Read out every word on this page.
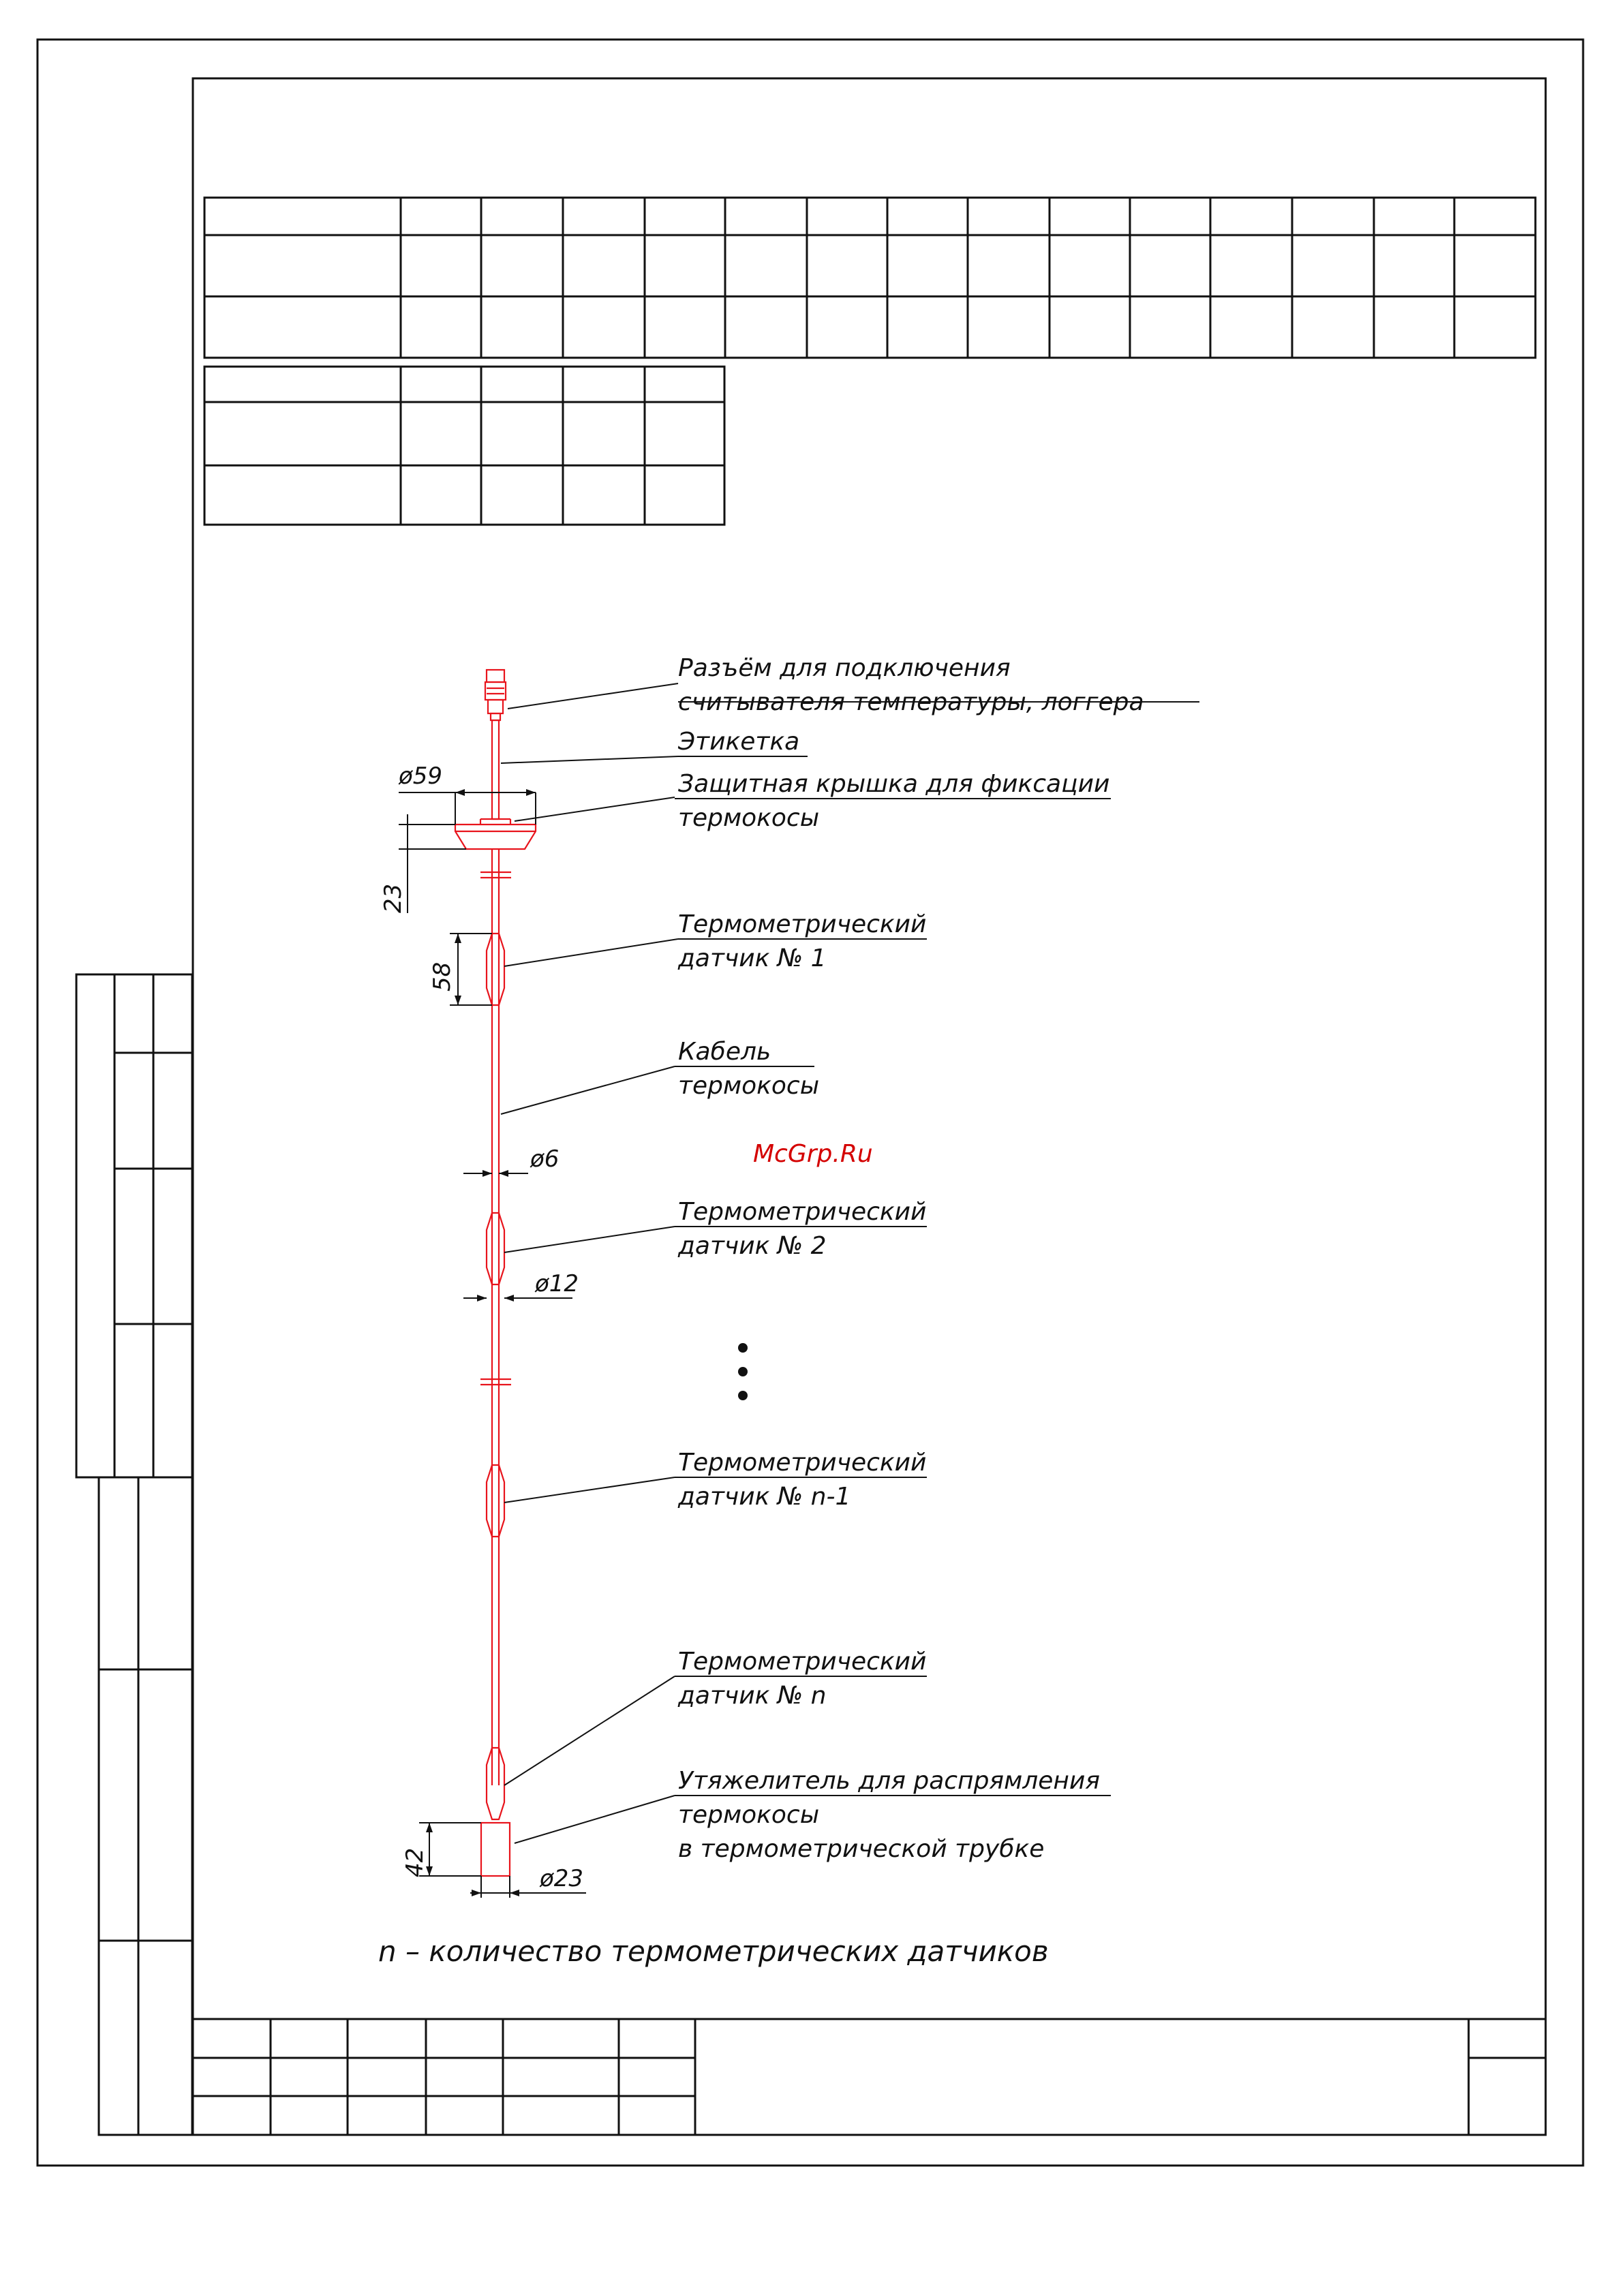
ø59
23
58
ø6
ø12
42
ø23
Разъём для подключения
считывателя температуры, логгера
Этикетка
Защитная крышка для фиксации
термокосы
Термометрический
датчик № 1
Кабель
термокосы
Термометрический
датчик № 2
Термометрический
датчик № n-1
Термометрический
датчик № n
Утяжелитель для распрямления
термокосы
в термометрической трубке
McGrp.Ru
n – количество термометрических датчиков
